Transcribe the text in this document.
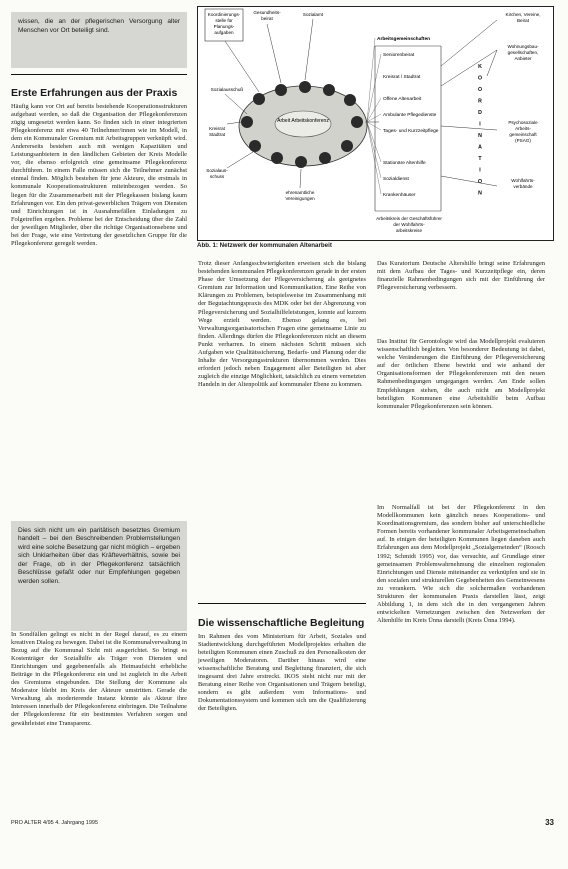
wissen, die an der pflegerischen Versorgung alter Menschen vor Ort beteiligt sind.

Erste Erfahrungen aus der Praxis

Häufig kann vor Ort auf bereits bestehende Kooperationsstrukturen aufgebaut werden, so daß die Organisation der Pflegekonferenzen zügig umgesetzt werden kann. So finden sich in einer integrierten Pflegekonferenz mit etwa 40 Teilnehmer/innen wie im Modell, in dem ein Kommunaler Gremium mit Arbeitsgruppen verknüpft wird. Andererseits bestehen auch mit wenigen Kapazitäten und Leistungsanbietern in den ländlichen Gebieten der Kreis Modelle vor, die ebenso erfolgreich eine gemeinsame Pflegekonferenz durchführen. In einem Falle müssen sich die Teilnehmer zunächst einmal finden. Möglich bestehen für jene Akteure, die erstmals in kommunale Kooperationsstrukturen miteinbezogen werden. So liegen für die Zusammenarbeit mit der Pflegekassen bislang kaum Erfahrungen vor. Ein den privat-gewerblichen Trägern von Diensten und Einrichtungen ist in Ausnahmefällen Einladungen zu Folgetreffen ergeben. Probleme bei der Entscheidung über die Zahl der jeweiligen Mitglieder, über die richtige Organisationsebene und bei der Frage, wie eine Vertretung der gesetzlichen Gruppe für die Pflegekonferenz geregelt werden.

Dies sich nicht um ein paritätisch besetztes Gremium handelt – bei den Beschreibenden Problemstellungen wird eine solche Besetzung gar nicht möglich – ergeben sich Unklarheiten über das Kräfteverhältnis, sowie bei der Frage, ob in der Pflegekonferenz tatsächlich Beschlüsse gefaßt oder nur Empfehlungen gegeben werden sollen.

In Sondfällen gelingt es nicht in der Regel darauf, es zu einem kreativen Dialog zu bewegen. Dabei ist die Kommunalverwaltung in Bezug auf die Kommunal Sicht mit ausgerichtet. So bringt es Kostenträger der Sozialhilfe als Träger von Diensten und Einrichtungen und gegebenenfalls als Heimaufsicht erhebliche Beiträge in die Pflegekonferenz ein und ist zugleich in die Arbeit des Gremiums eingebunden. Die Stellung der Kommune als Moderator bleibt im Kreis der Akteure umstritten. Gerade die Verwaltung als moderierende Instanz könnte als Akteur ihre Interessen innerhalb der Pflegekonferenz einbringen. Die Teilnahme der Pflegekonferenz für ein bestimmtes Verfahren sorgen und gewährleistet eine Transparenz.

Arbeit Arbeitskonferenz
Koordinierungs-
stelle für
Planungs-
aufgaben
Gesundheits-
beirat
Sozialamt
Sozialausschuß
Kreisrat
Stadtrat
Sozialaus-
schuss
ehrenamtliche
Vereinigungen
Arbeitsgemeinschaften
Seniorenbeirat
Offene Altenarbeit
Ambulante Pflegedienste
Tages- und Kurzzeitpflege
Stationäre Altenhilfe
Sozialdienst
Krankenhäuser
Kreisrat / Stadtrat
K
O
O
R
D
I
N
A
T
I
O
N
Kirchen, Vereine,
Beirat
Wohnungsbau-
gesellschaften,
Anbieter
Psychosoziale
Arbeits-
gemeinschaft
(PSAG)
Wohlfahrts-
verbände
Arbeitskreis der Geschäftsführer
der Wohlfahrts-
arbeitskreise
Abb. 1: Netzwerk der kommunalen Altenarbeit

Trotz dieser Anfangsschwierigkeiten erweisen sich die bislang bestehenden kommunalen Pflegekonferenzen gerade in der ersten Phase der Umsetzung der Pflegeversicherung als geeignetes Gremium zur Information und Kommunikation. Eine Reihe von Klärungen zu Problemen, beispielsweise im Zusammenhang mit der Begutachtungspraxis des MDK oder bei der Abgrenzung von Pflegeversicherung und Sozialhilfeleistungen, konnte auf kurzem Wege erzielt werden. Ebenso gelang es, bei Verwaltungsorganisatorischen Fragen eine gemeinsame Linie zu finden. Allerdings dürfen die Pflegekonferenzen nicht an diesem Punkt verharren. In einem nächsten Schritt müssen sich Aufgaben wie Qualitätssicherung, Bedarfs- und Planung oder die Inhalte der Versorgungsstrukturen übernommen werden. Dies erfordert jedoch neben Engagement aller Beteiligten ist aber zugleich die einzige Möglichkeit, tatsächlich zu einem vernetzten Handeln in der Altenpolitik auf kommunaler Ebene zu kommen.

Die wissenschaftliche Begleitung

Im Rahmen des vom Ministerium für Arbeit, Soziales und Stadtentwicklung durchgeführten Modellprojektes erhalten die beteiligten Kommunen einen Zuschuß zu den Personalkosten der jeweiligen Moderatoren. Darüber hinaus wird eine wissenschaftliche Beratung und Begleitung finanziert, die sich insgesamt drei Jahre erstreckt. IKOS steht nicht nur mit der Beratung einer Reihe von Organisationen und Trägern beteiligt, sondern es gibt außerdem vom Informations- und Dokumentationssystem und kommen sich um die Qualifizierung der Beteiligten.

Das Kuratorium Deutsche Altershilfe bringt seine Erfahrungen mit dem Aufbau der Tages- und Kurzzeitpflege ein, deren finanzielle Rahmenbedingungen sich mit der Einführung der Pflegeversicherung verbessern.

Das Institut für Gerontologie wird das Modellprojekt evaluieren wissenschaftlich begleiten. Von besonderer Bedeutung ist dabei, welche Veränderungen die Einführung der Pflegeversicherung auf der örtlichen Ebene bewirkt und wie anhand der Organisationsformen der Pflegekonferenzen mit den neuen Rahmenbedingungen umgegangen werden. Am Ende sollen Empfehlungen stehen, die auch nicht am Modellprojekt beteiligten Kommunen eine Arbeitshilfe beim Aufbau kommunaler Pflegekonferenzen sein können.

Im Normalfall ist bei der Pflegekonferenz in den Modellkommunen kein gänzlich neues Kooperations- und Koordinationsgremium, das sondern bisher auf unterschiedliche Formen bereits vorhandener kommunaler Arbeitsgemeinschaften auf. In einigen der beteiligten Kommunen liegen daneben auch Erfahrungen aus dem Modellprojekt „Sozialgemeinden“ (Roosch 1992; Schmidt 1995) vor, das versuchte, auf Grundlage einer gemeinsamen Problemwahrnehmung die einzelnen regionalen Einrichtungen und Dienste miteinander zu verknüpfen und sie in den sozialen und strukturellen Gegebenheiten des Gemeinwesens zu verankern. Wie sich die solchermaßen vorhandenen Strukturen der kommunalen Praxis darstellen lässt, zeigt Abbildung 1, in dem sich die in den vergangenen Jahren entwickelten Vernetzungen zwischen den Netzwerken der Altenhilfe im Kreis Ünna darstellt (Kreis Ünna 1994).

PRO ALTER 4/95 4. Jahrgang 1995	33
